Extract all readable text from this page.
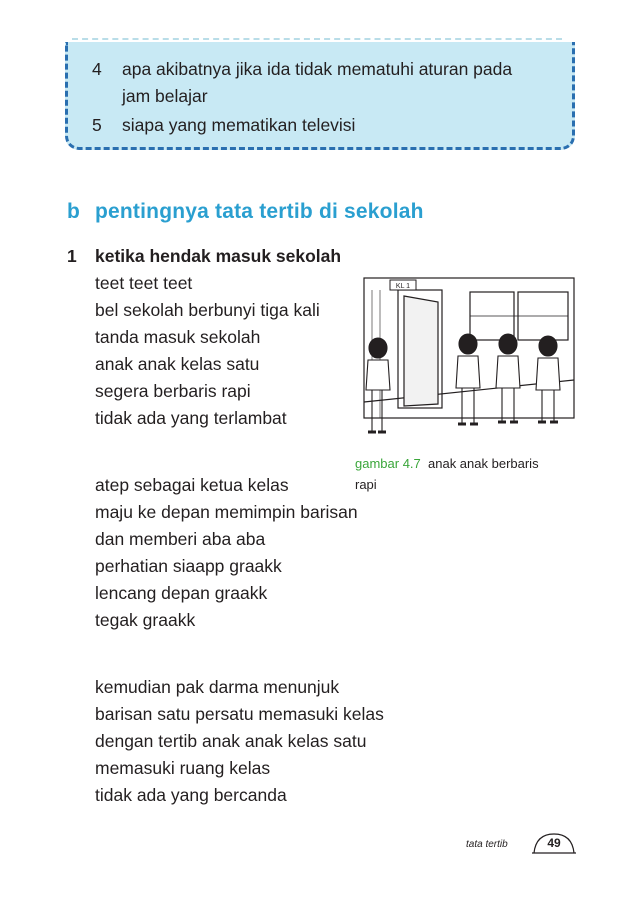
4 apa akibatnya jika ida tidak mematuhi aturan pada
jam belajar
5 siapa yang mematikan televisi
b pentingnya tata tertib di sekolah
1 ketika hendak masuk sekolah
teet teet teet
bel sekolah berbunyi tiga kali
tanda masuk sekolah
anak anak kelas satu
segera berbaris rapi
tidak ada yang terlambat
atep sebagai ketua kelas
maju ke depan memimpin barisan
dan memberi aba aba
perhatian siaapp graakk
lencang depan graakk
tegak graakk
kemudian pak darma menunjuk
barisan satu persatu memasuki kelas
dengan tertib anak anak kelas satu
memasuki ruang kelas
tidak ada yang bercanda
KL 1
gambar 4.7 anak anak berbaris
rapi
tata tertib	49
